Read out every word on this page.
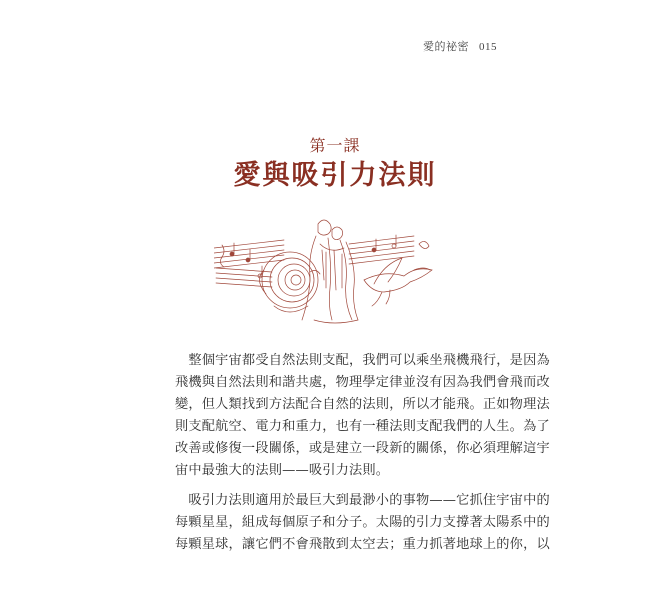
愛的祕密 015
第一課
愛與吸引力法則
　整個宇宙都受自然法則支配，我們可以乘坐飛機飛行，是因為
飛機與自然法則和諧共處，物理學定律並沒有因為我們會飛而改
變，但人類找到方法配合自然的法則，所以才能飛。正如物理法
則支配航空、電力和重力，也有一種法則支配我們的人生。為了
改善或修復一段關係，或是建立一段新的關係，你必須理解這宇
宙中最強大的法則——吸引力法則。
　吸引力法則適用於最巨大到最渺小的事物——它抓住宇宙中的
每顆星星，組成每個原子和分子。太陽的引力支撐著太陽系中的
每顆星球，讓它們不會飛散到太空去；重力抓著地球上的你，以
